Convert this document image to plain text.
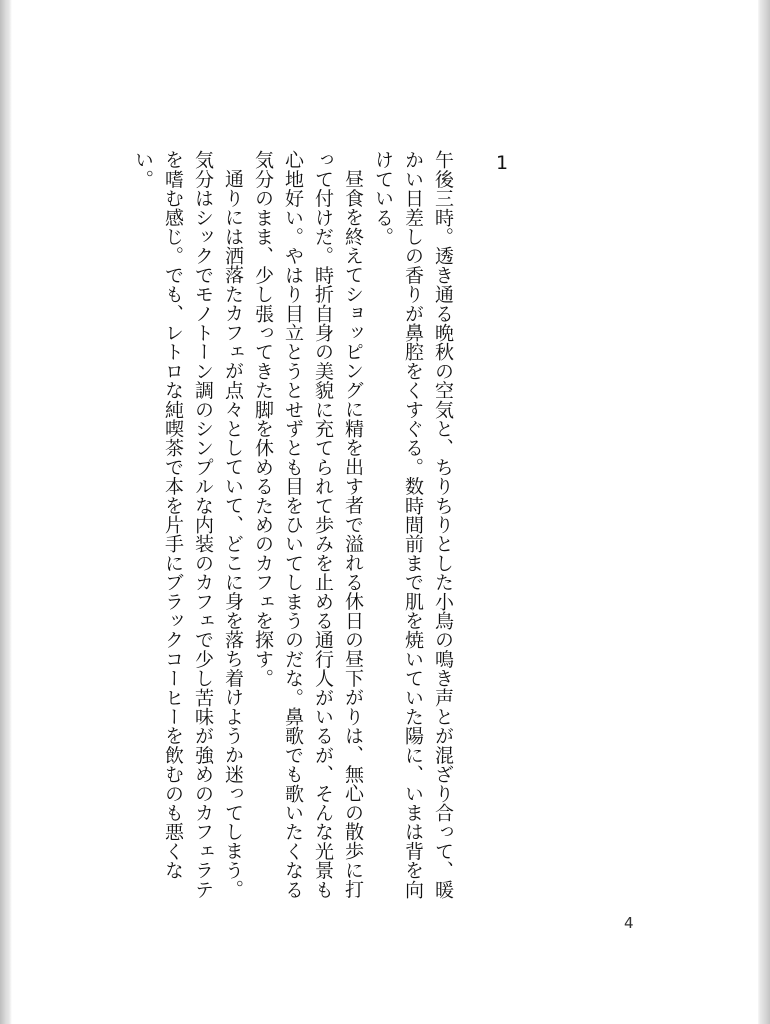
1

午後三時。透き通る晩秋の空気と、ちりちりとした小鳥の鳴き声とが混ざり合って、暖かい日差しの香りが鼻腔をくすぐる。数時間前まで肌を焼いていた陽に、いまは背を向けている。

昼食を終えてショッピングに精を出す者で溢れる休日の昼下がりは、無心の散歩に打って付けだ。時折自身の美貌に充てられて歩みを止める通行人がいるが、そんな光景も心地好い。やはり目立とうとせずとも目をひいてしまうのだな。鼻歌でも歌いたくなる気分のまま、少し張ってきた脚を休めるためのカフェを探す。

通りには洒落たカフェが点々としていて、どこに身を落ち着けようか迷ってしまう。気分はシックでモノトーン調のシンプルな内装のカフェで少し苦味が強めのカフェラテを嗜む感じ。でも、レトロな純喫茶で本を片手にブラックコーヒーを飲むのも悪くない。

4
